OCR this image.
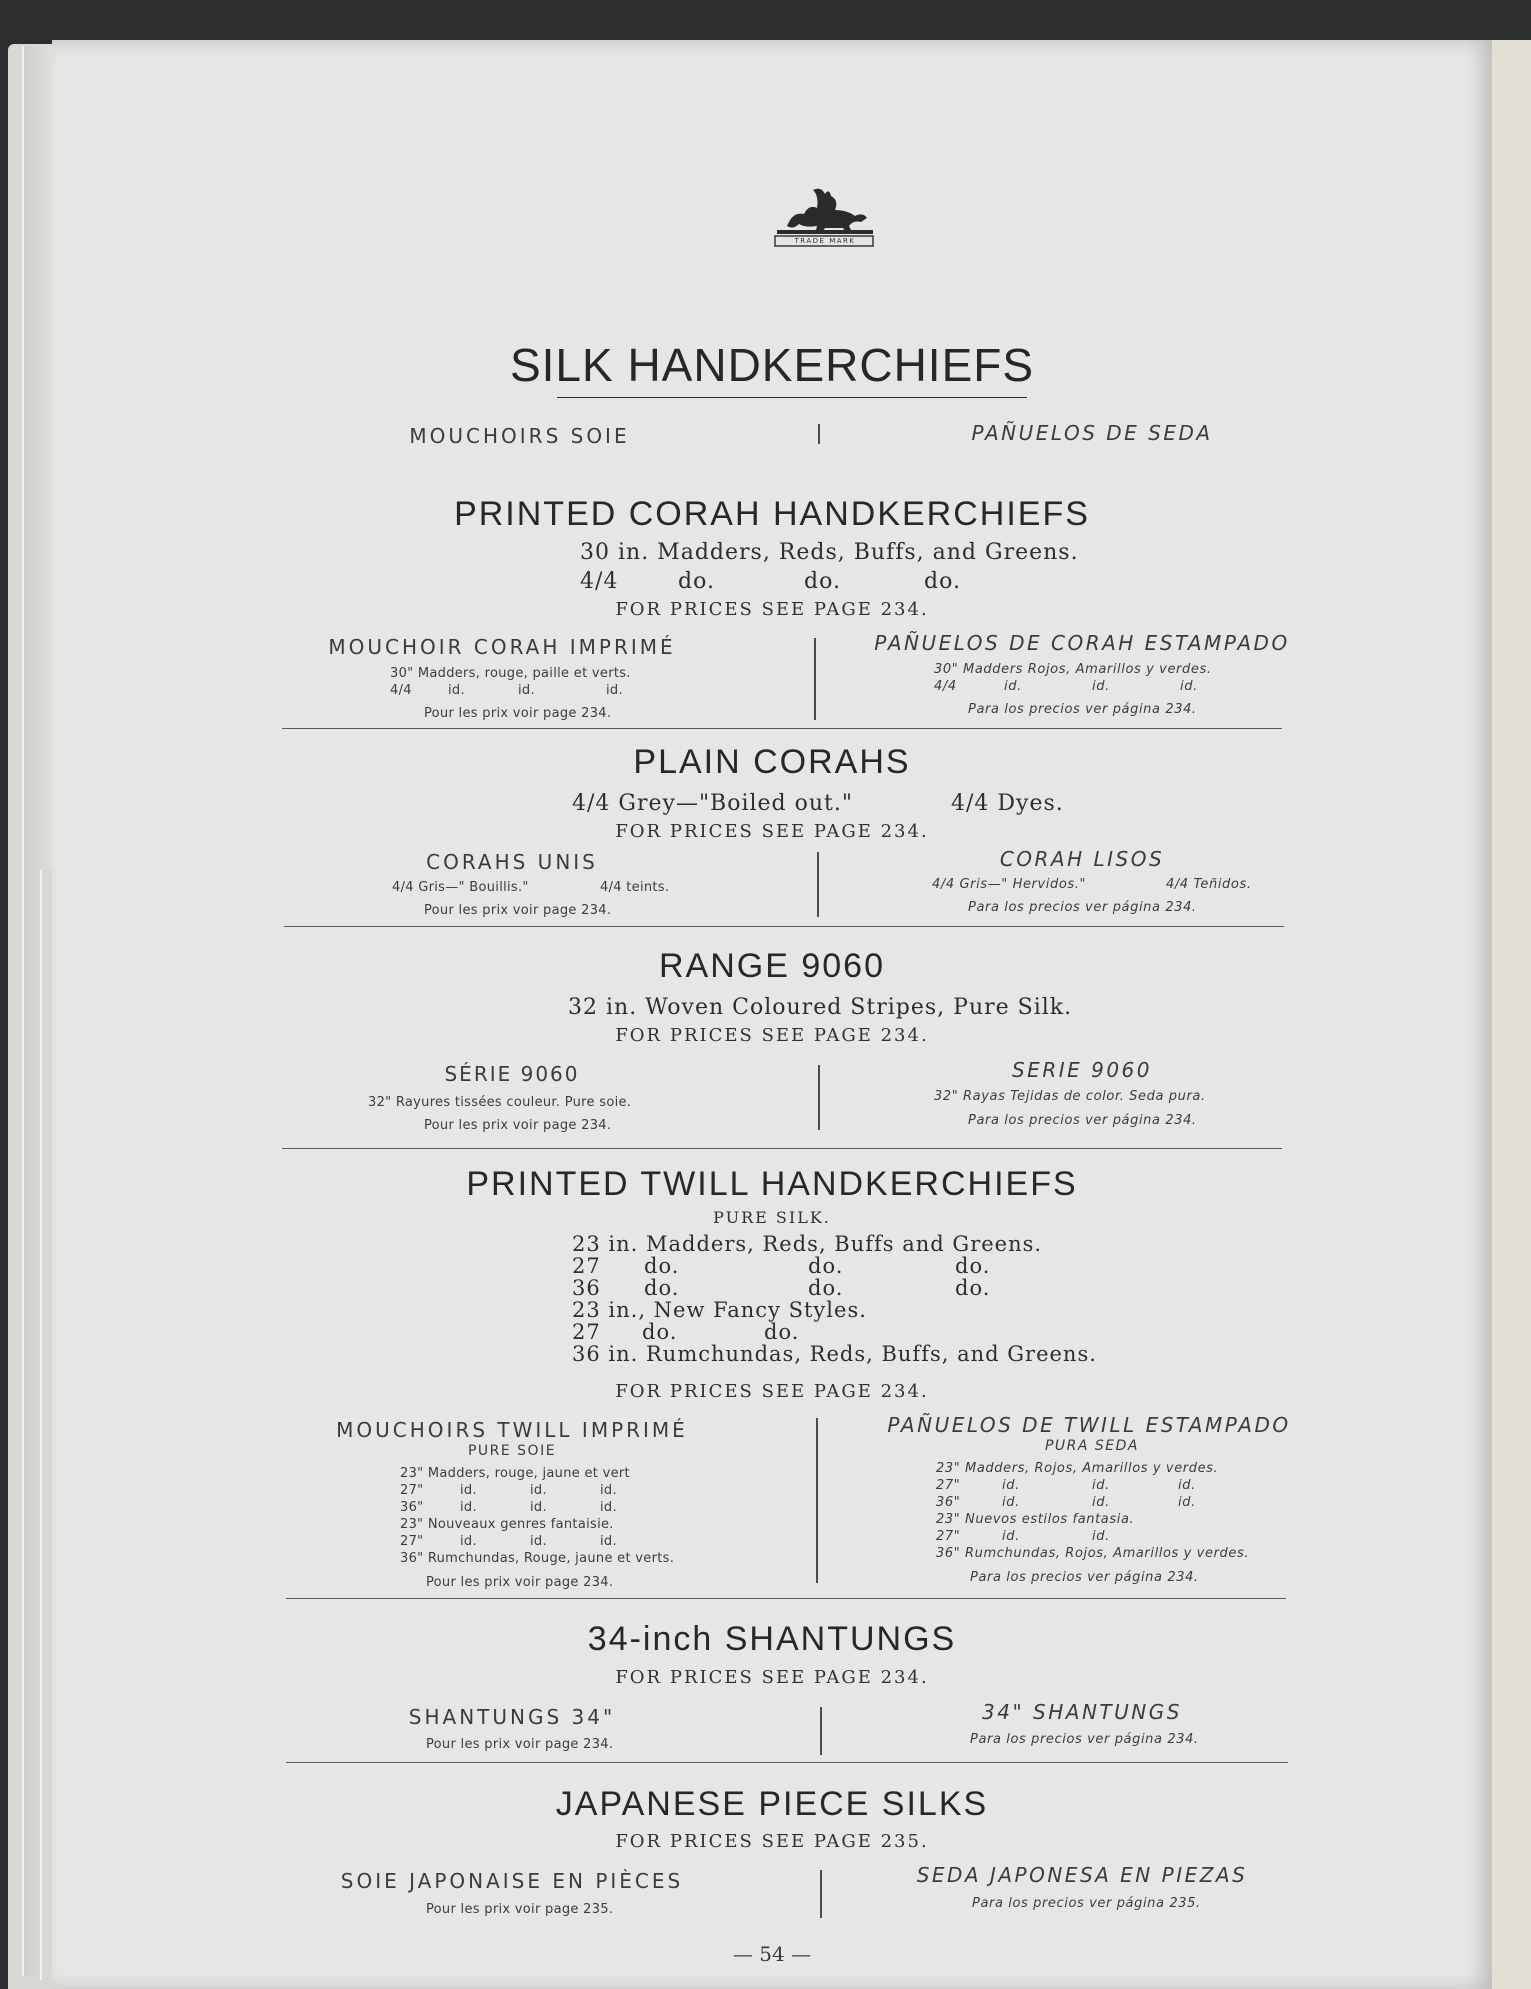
TRADE MARK
SILK HANDKERCHIEFS
MOUCHOIRS SOIE	PAÑUELOS DE SEDA
PRINTED CORAH HANDKERCHIEFS
30 in. Madders, Reds, Buffs, and Greens.
4/4	do.	do.	do.
FOR PRICES SEE PAGE 234.
MOUCHOIR CORAH IMPRIMÉ
30" Madders, rouge, paille et verts.
4/4	id.	id.	id.
Pour les prix voir page 234.
PAÑUELOS DE CORAH ESTAMPADO
30" Madders Rojos, Amarillos y verdes.
4/4	id.	id.	id.
Para los precios ver página 234.
PLAIN CORAHS
4/4 Grey—"Boiled out."	4/4 Dyes.
FOR PRICES SEE PAGE 234.
CORAHS UNIS
4/4 Gris—" Bouillis."	4/4 teints.
Pour les prix voir page 234.
CORAH LISOS
4/4 Gris—" Hervidos."	4/4 Teñidos.
Para los precios ver página 234.
RANGE 9060
32 in. Woven Coloured Stripes, Pure Silk.
FOR PRICES SEE PAGE 234.
SÉRIE 9060
32" Rayures tissées couleur. Pure soie.
Pour les prix voir page 234.
SERIE 9060
32" Rayas Tejidas de color. Seda pura.
Para los precios ver página 234.
PRINTED TWILL HANDKERCHIEFS
PURE SILK.
23 in. Madders, Reds, Buffs and Greens.
27 do.	do.	do.
36 do.	do.	do.
23 in., New Fancy Styles.
27 do.	do.
36 in. Rumchundas, Reds, Buffs, and Greens.
FOR PRICES SEE PAGE 234.
MOUCHOIRS TWILL IMPRIMÉ
PURE SOIE
23" Madders, rouge, jaune et vert
27"	id.	id.	id.
36"	id.	id.	id.
23" Nouveaux genres fantaisie.
27"	id.	id.	id.
36" Rumchundas, Rouge, jaune et verts.
Pour les prix voir page 234.
PAÑUELOS DE TWILL ESTAMPADO
PURA SEDA
23" Madders, Rojos, Amarillos y verdes.
27"	id.	id.	id.
36"	id.	id.	id.
23" Nuevos estilos fantasia.
27"	id.	id.
36" Rumchundas, Rojos, Amarillos y verdes.
Para los precios ver página 234.
34-inch SHANTUNGS
FOR PRICES SEE PAGE 234.
SHANTUNGS 34"
Pour les prix voir page 234.
34" SHANTUNGS
Para los precios ver página 234.
JAPANESE PIECE SILKS
FOR PRICES SEE PAGE 235.
SOIE JAPONAISE EN PIÈCES
Pour les prix voir page 235.
SEDA JAPONESA EN PIEZAS
Para los precios ver página 235.
— 54 —
